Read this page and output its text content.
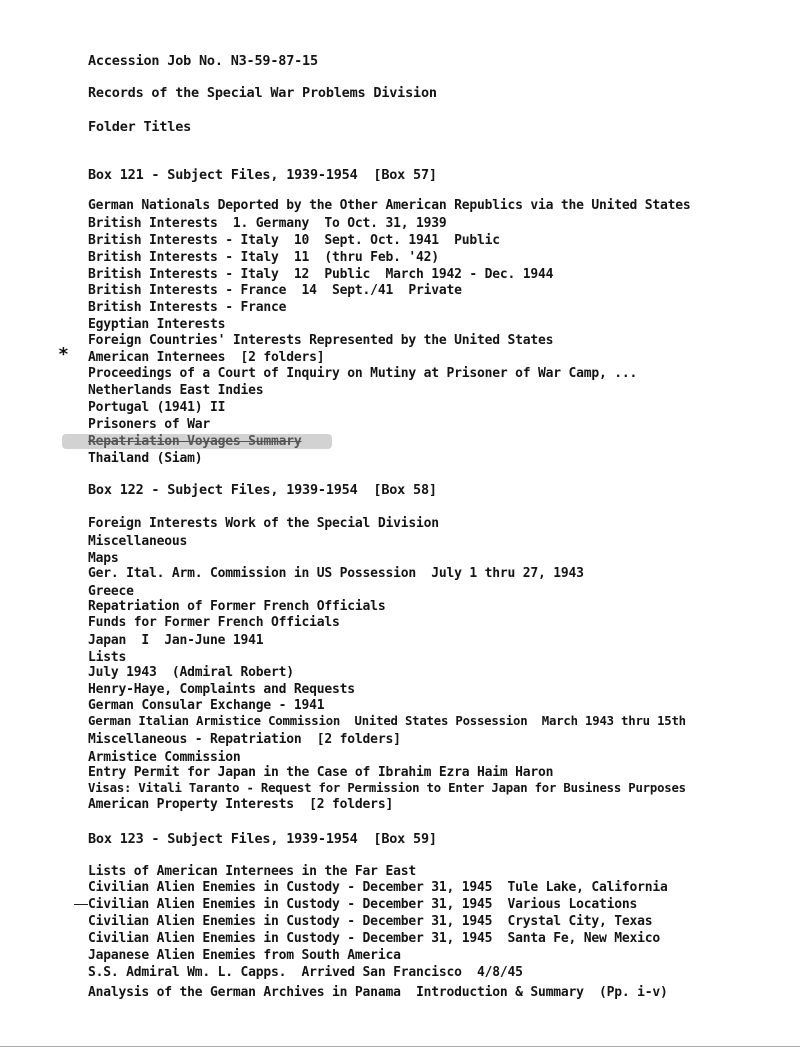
Accession Job No. N3-59-87-15
Records of the Special War Problems Division
Folder Titles
Box 121 - Subject Files, 1939-1954  [Box 57]
German Nationals Deported by the Other American Republics via the United States
British Interests  1. Germany  To Oct. 31, 1939
British Interests - Italy  10  Sept. Oct. 1941  Public
British Interests - Italy  11  (thru Feb. '42)
British Interests - Italy  12  Public  March 1942 - Dec. 1944
British Interests - France  14  Sept./41  Private
British Interests - France
Egyptian Interests
Foreign Countries' Interests Represented by the United States
* American Internees  [2 folders]
Proceedings of a Court of Inquiry on Mutiny at Prisoner of War Camp, ...
Netherlands East Indies
Portugal (1941) II
Prisoners of War
Repatriation Voyages Summary
Thailand (Siam)
Box 122 - Subject Files, 1939-1954  [Box 58]
Foreign Interests Work of the Special Division
Miscellaneous
Maps
Ger. Ital. Arm. Commission in US Possession  July 1 thru 27, 1943
Greece
Repatriation of Former French Officials
Funds for Former French Officials
Japan  I  Jan-June 1941
Lists
July 1943  (Admiral Robert)
Henry-Haye, Complaints and Requests
German Consular Exchange - 1941
German Italian Armistice Commission  United States Possession  March 1943 thru 15th
Miscellaneous - Repatriation  [2 folders]
Armistice Commission
Entry Permit for Japan in the Case of Ibrahim Ezra Haim Haron
Visas: Vitali Taranto - Request for Permission to Enter Japan for Business Purposes
American Property Interests  [2 folders]
Box 123 - Subject Files, 1939-1954  [Box 59]
Lists of American Internees in the Far East
Civilian Alien Enemies in Custody - December 31, 1945  Tule Lake, California
Civilian Alien Enemies in Custody - December 31, 1945  Various Locations
Civilian Alien Enemies in Custody - December 31, 1945  Crystal City, Texas
Civilian Alien Enemies in Custody - December 31, 1945  Santa Fe, New Mexico
Japanese Alien Enemies from South America
S.S. Admiral Wm. L. Capps.  Arrived San Francisco  4/8/45
Analysis of the German Archives in Panama  Introduction & Summary  (Pp. i-v)
